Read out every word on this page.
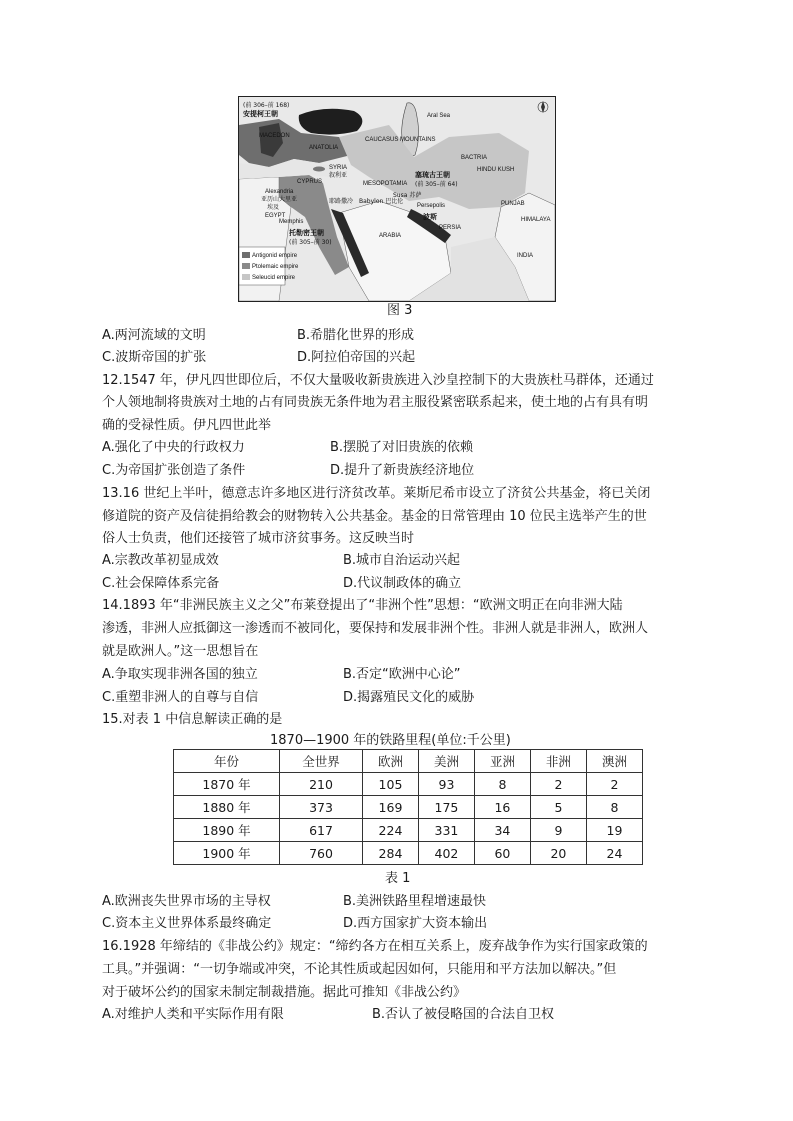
(前 306–前 168)
安提柯王朝
MACEDON
ANATOLIA
CAUCASUS MOUNTAINS
Aral Sea
BACTRIA
HINDU KUSH
SYRIA
叙利亚
MESOPOTAMIA
塞琉古王朝
(前 305–前 64)
CYPRUS
Susa 苏萨
Babylon 巴比伦
Persepolis
波斯
PERSIA
PUNJAB
HIMALAYA
Alexandria
亚历山大里亚
埃及
EGYPT
Memphis
耶路撒冷
托勒密王朝
(前 305–前 30)
ARABIA
INDIA
Antigonid empire
Ptolemaic empire
Seleucid empire
图 3
A.两河流域的文明	B.希腊化世界的形成
C.波斯帝国的扩张	D.阿拉伯帝国的兴起
12.1547 年，伊凡四世即位后，不仅大量吸收新贵族进入沙皇控制下的大贵族杜马群体，还通过
个人领地制将贵族对土地的占有同贵族无条件地为君主服役紧密联系起来，使土地的占有具有明
确的受禄性质。伊凡四世此举
A.强化了中央的行政权力	B.摆脱了对旧贵族的依赖
C.为帝国扩张创造了条件	D.提升了新贵族经济地位
13.16 世纪上半叶，德意志许多地区进行济贫改革。莱斯尼希市设立了济贫公共基金，将已关闭
修道院的资产及信徒捐给教会的财物转入公共基金。基金的日常管理由 10 位民主选举产生的世
俗人士负责，他们还接管了城市济贫事务。这反映当时
A.宗教改革初显成效	B.城市自治运动兴起
C.社会保障体系完备	D.代议制政体的确立
14.1893 年“非洲民族主义之父”布莱登提出了“非洲个性”思想：“欧洲文明正在向非洲大陆
渗透，非洲人应抵御这一渗透而不被同化，要保持和发展非洲个性。非洲人就是非洲人，欧洲人
就是欧洲人。”这一思想旨在
A.争取实现非洲各国的独立	B.否定“欧洲中心论”
C.重塑非洲人的自尊与自信	D.揭露殖民文化的威胁
15.对表 1 中信息解读正确的是
1870—1900 年的铁路里程(单位:千公里)
年份	全世界	欧洲	美洲	亚洲	非洲	澳洲
1870 年	210	105	93	8	2	2
1880 年	373	169	175	16	5	8
1890 年	617	224	331	34	9	19
1900 年	760	284	402	60	20	24
表 1
A.欧洲丧失世界市场的主导权	B.美洲铁路里程增速最快
C.资本主义世界体系最终确定	D.西方国家扩大资本输出
16.1928 年缔结的《非战公约》规定：“缔约各方在相互关系上，废弃战争作为实行国家政策的
工具。”并强调：“一切争端或冲突，不论其性质或起因如何，只能用和平方法加以解决。”但
对于破坏公约的国家未制定制裁措施。据此可推知《非战公约》
A.对维护人类和平实际作用有限	B.否认了被侵略国的合法自卫权
